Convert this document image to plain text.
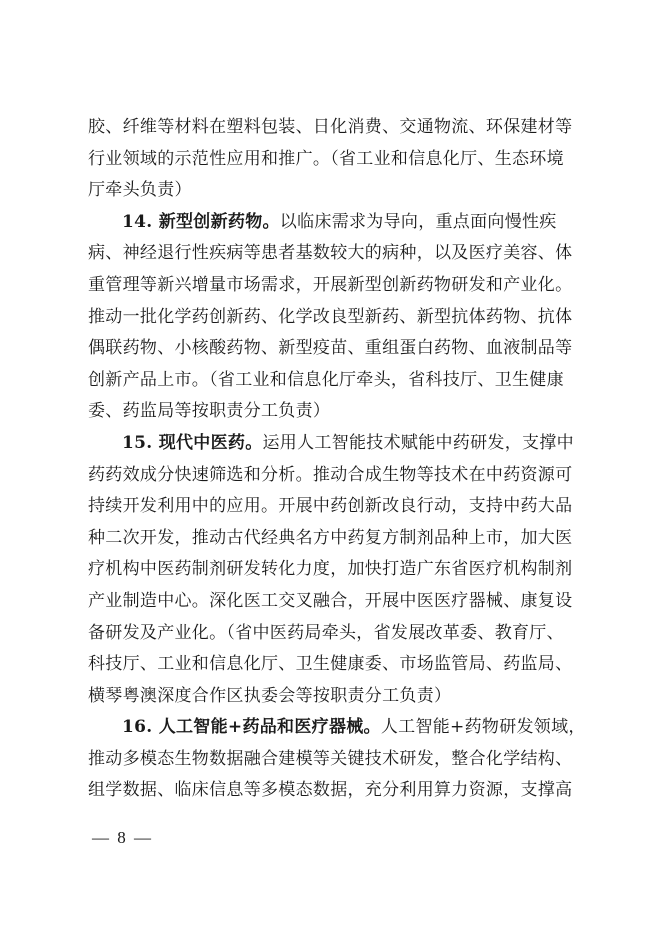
胶、纤维等材料在塑料包装、日化消费、交通物流、环保建材等
行业领域的示范性应用和推广。（省工业和信息化厅、生态环境
厅牵头负责）
14. 新型创新药物。以临床需求为导向，重点面向慢性疾
病、神经退行性疾病等患者基数较大的病种，以及医疗美容、体
重管理等新兴增量市场需求，开展新型创新药物研发和产业化。
推动一批化学药创新药、化学改良型新药、新型抗体药物、抗体
偶联药物、小核酸药物、新型疫苗、重组蛋白药物、血液制品等
创新产品上市。（省工业和信息化厅牵头，省科技厅、卫生健康
委、药监局等按职责分工负责）
15. 现代中医药。运用人工智能技术赋能中药研发，支撑中
药药效成分快速筛选和分析。推动合成生物等技术在中药资源可
持续开发利用中的应用。开展中药创新改良行动，支持中药大品
种二次开发，推动古代经典名方中药复方制剂品种上市，加大医
疗机构中医药制剂研发转化力度，加快打造广东省医疗机构制剂
产业制造中心。深化医工交叉融合，开展中医医疗器械、康复设
备研发及产业化。（省中医药局牵头，省发展改革委、教育厅、
科技厅、工业和信息化厅、卫生健康委、市场监管局、药监局、
横琴粤澳深度合作区执委会等按职责分工负责）
16. 人工智能+药品和医疗器械。人工智能+药物研发领域，
推动多模态生物数据融合建模等关键技术研发，整合化学结构、
组学数据、临床信息等多模态数据，充分利用算力资源，支撑高
— 8 —
